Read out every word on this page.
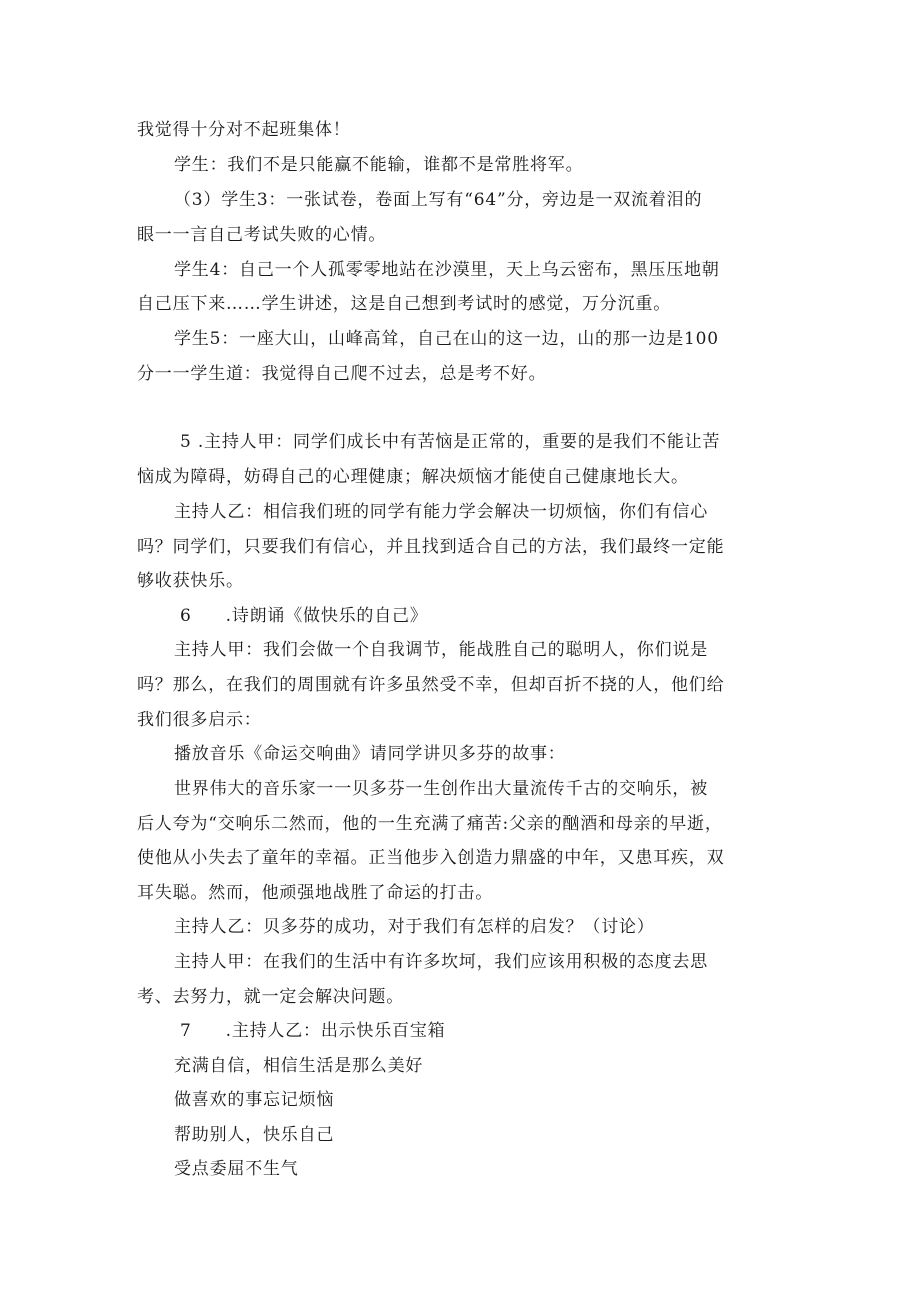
我觉得十分对不起班集体！
学生：我们不是只能赢不能输，谁都不是常胜将军。
（3）学生3：一张试卷，卷面上写有“64”分，旁边是一双流着泪的
眼一一言自己考试失败的心情。
学生4：自己一个人孤零零地站在沙漠里，天上乌云密布，黑压压地朝
自己压下来……学生讲述，这是自己想到考试时的感觉，万分沉重。
学生5：一座大山，山峰高耸，自己在山的这一边，山的那一边是100
分一一学生道：我觉得自己爬不过去，总是考不好。
5 .主持人甲：同学们成长中有苦恼是正常的，重要的是我们不能让苦
恼成为障碍，妨碍自己的心理健康；解决烦恼才能使自己健康地长大。
主持人乙：相信我们班的同学有能力学会解决一切烦恼，你们有信心
吗？同学们，只要我们有信心，并且找到适合自己的方法，我们最终一定能
够收获快乐。
6 .诗朗诵《做快乐的自己》
主持人甲：我们会做一个自我调节，能战胜自己的聪明人，你们说是
吗？那么，在我们的周围就有许多虽然受不幸，但却百折不挠的人，他们给
我们很多启示：
播放音乐《命运交响曲》请同学讲贝多芬的故事：
世界伟大的音乐家一一贝多芬一生创作出大量流传千古的交响乐，被
后人夸为“交响乐二然而，他的一生充满了痛苦:父亲的酗酒和母亲的早逝，
使他从小失去了童年的幸福。正当他步入创造力鼎盛的中年，又患耳疾，双
耳失聪。然而，他顽强地战胜了命运的打击。
主持人乙：贝多芬的成功，对于我们有怎样的启发？（讨论）
主持人甲：在我们的生活中有许多坎坷，我们应该用积极的态度去思
考、去努力，就一定会解决问题。
7 .主持人乙：出示快乐百宝箱
充满自信，相信生活是那么美好
做喜欢的事忘记烦恼
帮助别人，快乐自己
受点委屈不生气
